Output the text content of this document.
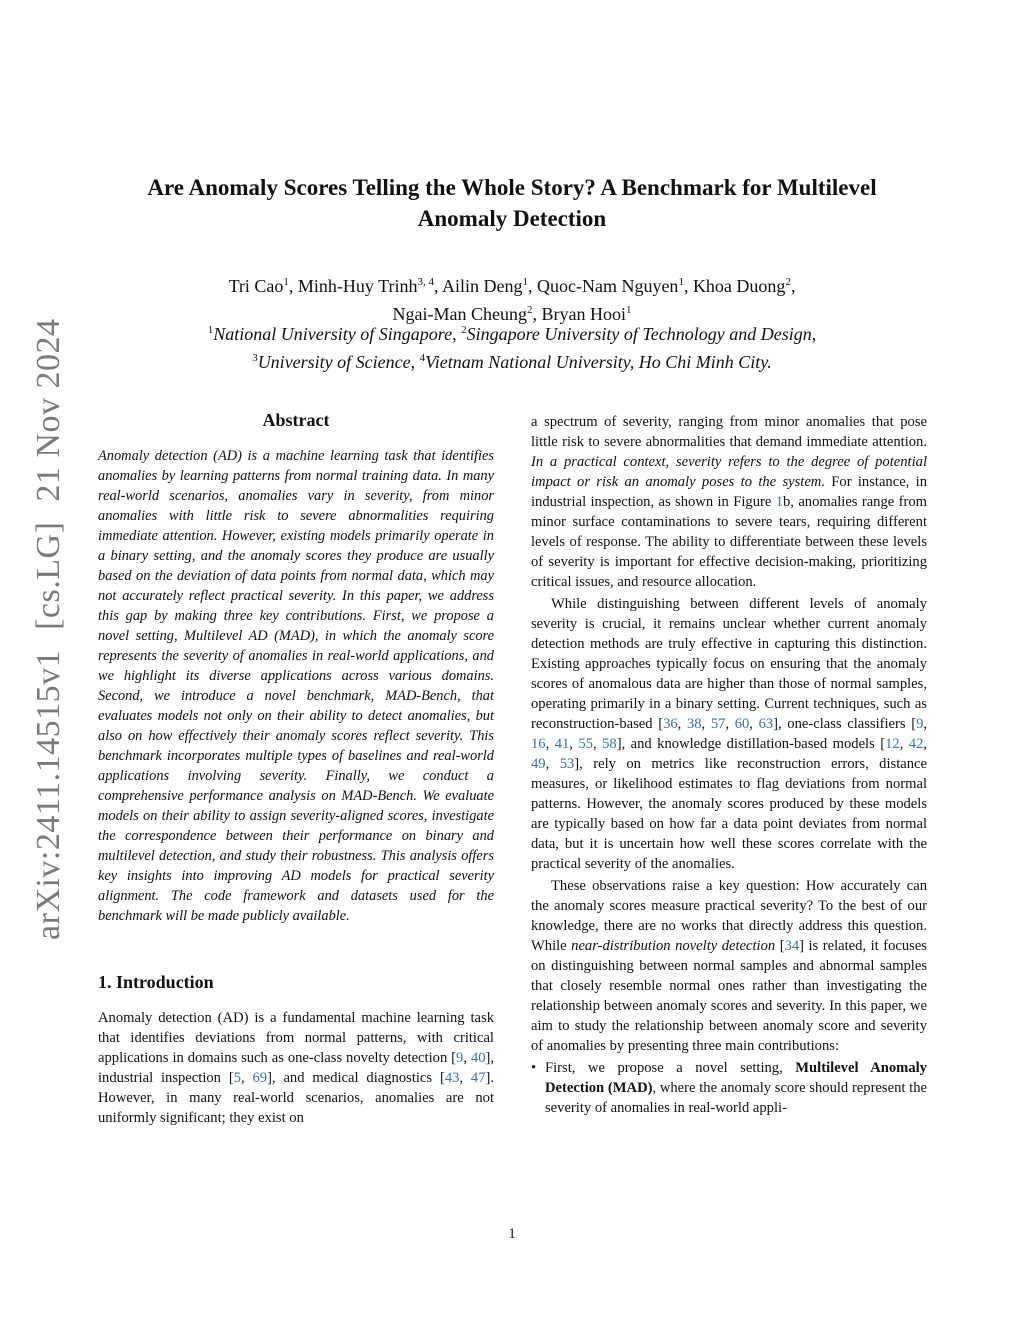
arXiv:2411.14515v1[cs.LG]21 Nov 2024
Are Anomaly Scores Telling the Whole Story? A Benchmark for Multilevel
Anomaly Detection
Tri Cao$^1$, Minh-Huy Trinh$^{3, 4}$, Ailin Deng$^1$, Quoc-Nam Nguyen$^1$, Khoa Duong$^2$,
Ngai-Man Cheung$^2$, Bryan Hooi$^1$
$^1$National University of Singapore, $^2$Singapore University of Technology and Design,
$^3$University of Science, $^4$Vietnam National University, Ho Chi Minh City.
Abstract

Anomaly detection (AD) is a machine learning task that identifies anomalies by learning patterns from normal training data. In many real-world scenarios, anomalies vary in severity, from minor anomalies with little risk to severe abnormalities requiring immediate attention. However, existing models primarily operate in a binary setting, and the anomaly scores they produce are usually based on the deviation of data points from normal data, which may not accurately reflect practical severity. In this paper, we address this gap by making three key contributions. First, we propose a novel setting, Multilevel AD (MAD), in which the anomaly score represents the severity of anomalies in real-world applications, and we highlight its diverse applications across various domains. Second, we introduce a novel benchmark, MAD-Bench, that evaluates models not only on their ability to detect anomalies, but also on how effectively their anomaly scores reflect severity. This benchmark incorporates multiple types of baselines and real-world applications involving severity. Finally, we conduct a comprehensive performance analysis on MAD-Bench. We evaluate models on their ability to assign severity-aligned scores, investigate the correspondence between their performance on binary and multilevel detection, and study their robustness. This analysis offers key insights into improving AD models for practical severity alignment. The code framework and datasets used for the benchmark will be made publicly available.

1. Introduction

Anomaly detection (AD) is a fundamental machine learning task that identifies deviations from normal patterns, with critical applications in domains such as one-class novelty detection [9, 40], industrial inspection [5, 69], and medical diagnostics [43, 47]. However, in many real-world scenarios, anomalies are not uniformly significant; they exist on

a spectrum of severity, ranging from minor anomalies that pose little risk to severe abnormalities that demand immediate attention. In a practical context, severity refers to the degree of potential impact or risk an anomaly poses to the system. For instance, in industrial inspection, as shown in Figure 1b, anomalies range from minor surface contaminations to severe tears, requiring different levels of response. The ability to differentiate between these levels of severity is important for effective decision-making, prioritizing critical issues, and resource allocation.

While distinguishing between different levels of anomaly severity is crucial, it remains unclear whether current anomaly detection methods are truly effective in capturing this distinction. Existing approaches typically focus on ensuring that the anomaly scores of anomalous data are higher than those of normal samples, operating primarily in a binary setting. Current techniques, such as reconstruction-based [36, 38, 57, 60, 63], one-class classifiers [9, 16, 41, 55, 58], and knowledge distillation-based models [12, 42, 49, 53], rely on metrics like reconstruction errors, distance measures, or likelihood estimates to flag deviations from normal patterns. However, the anomaly scores produced by these models are typically based on how far a data point deviates from normal data, but it is uncertain how well these scores correlate with the practical severity of the anomalies.

These observations raise a key question: How accurately can the anomaly scores measure practical severity? To the best of our knowledge, there are no works that directly address this question. While near-distribution novelty detection [34] is related, it focuses on distinguishing between normal samples and abnormal samples that closely resemble normal ones rather than investigating the relationship between anomaly scores and severity. In this paper, we aim to study the relationship between anomaly score and severity of anomalies by presenting three main contributions:

• First, we propose a novel setting, Multilevel Anomaly Detection (MAD), where the anomaly score should represent the severity of anomalies in real-world appli-

1
